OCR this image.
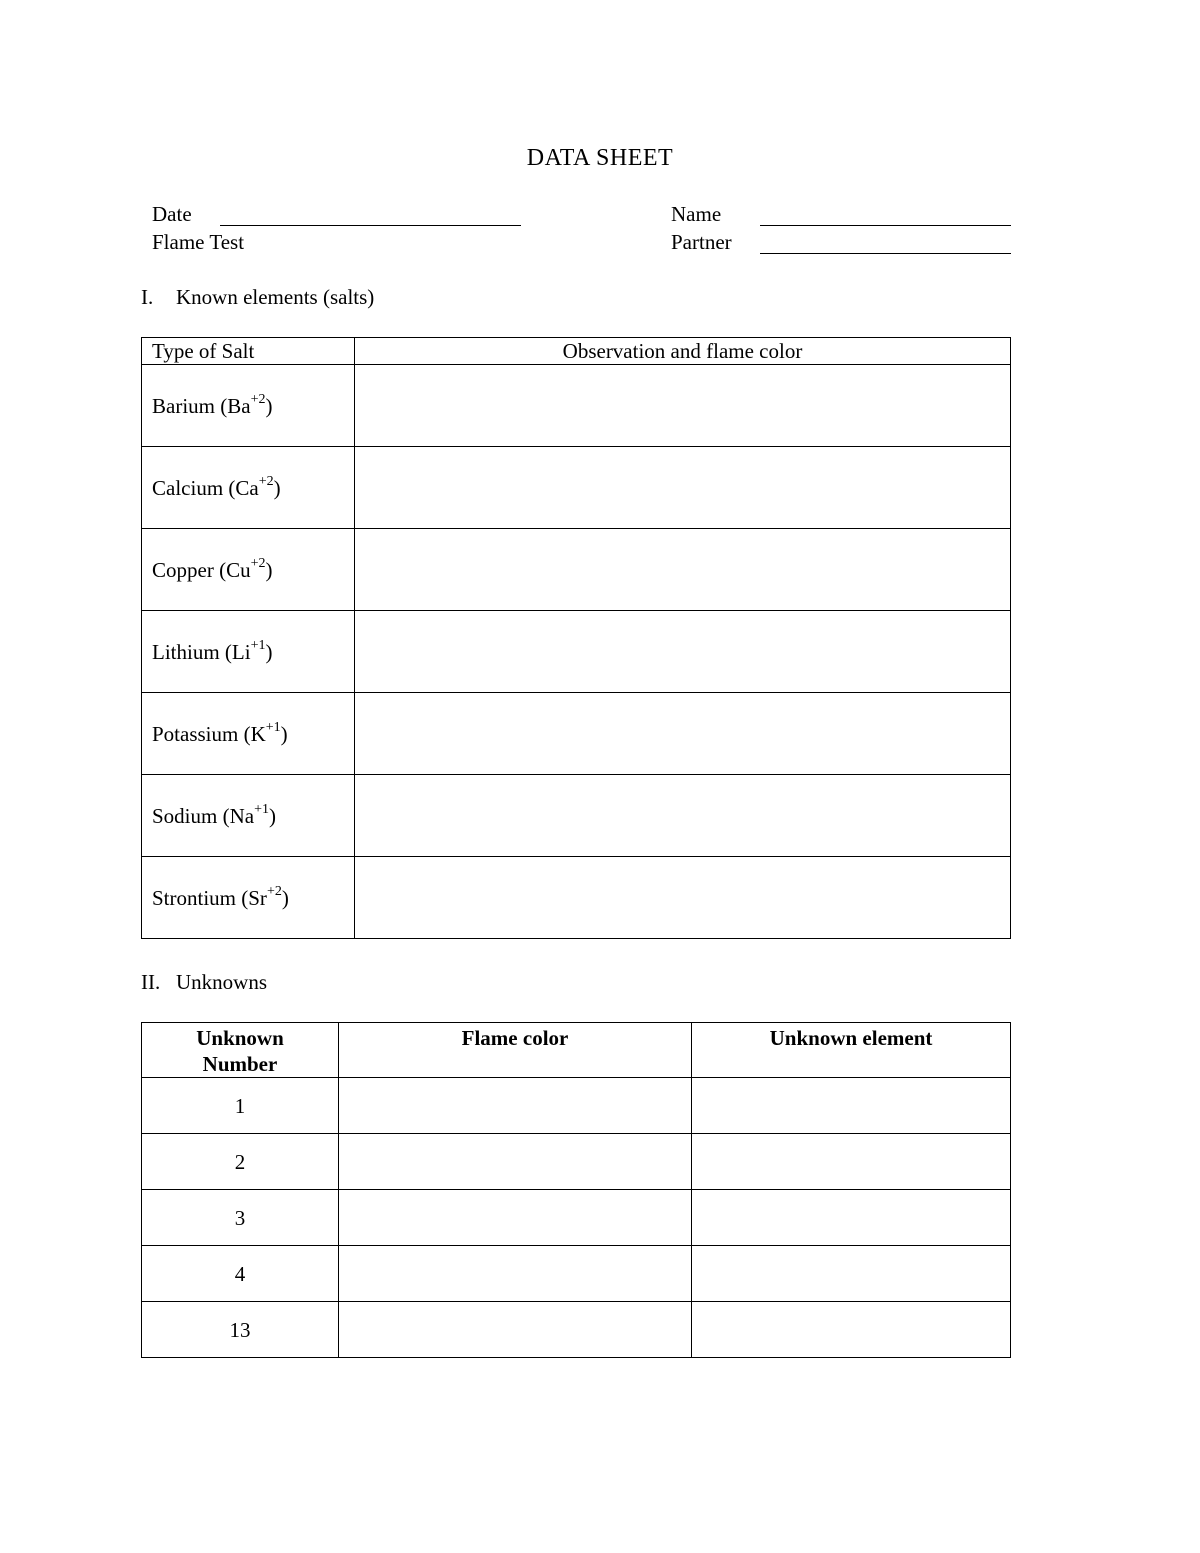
DATA SHEET
Date
Flame Test
Name
Partner
I. Known elements (salts)
Type of Salt	Observation and flame color
Barium $(Ba^{+2})$	
Calcium $(Ca^{+2})$	
Copper $(Cu^{+2})$	
Lithium $(Li^{+1})$	
Potassium $(K^{+1})$	
Sodium $(Na^{+1})$	
Strontium $(Sr^{+2})$	
II. Unknowns
Unknown Number	Flame color	Unknown element
1		
2		
3		
4		
13		
